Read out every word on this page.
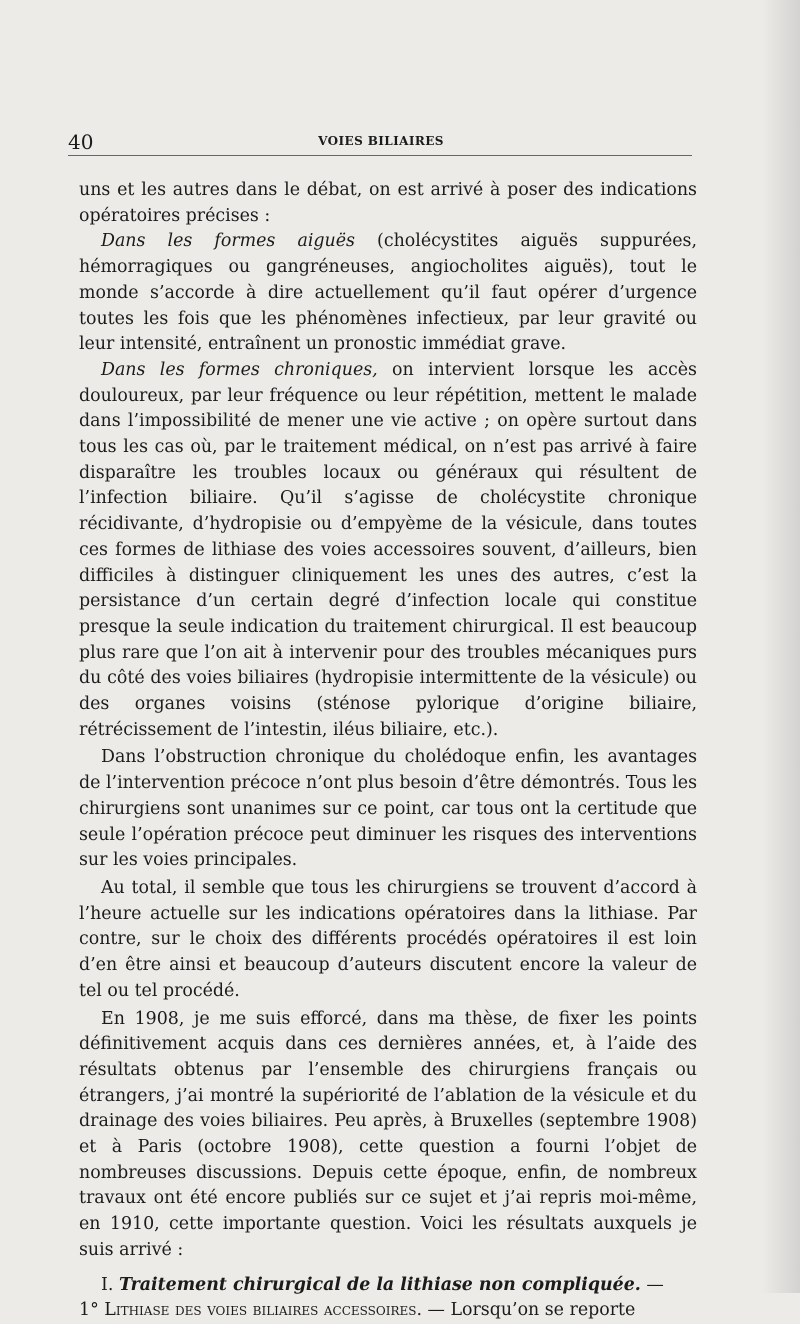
40	VOIES BILIAIRES

uns et les autres dans le débat, on est arrivé à poser des indications opératoires précises :

Dans les formes aiguës (cholécystites aiguës suppurées, hémorragiques ou gangréneuses, angiocholites aiguës), tout le monde s’accorde à dire actuellement qu’il faut opérer d’urgence toutes les fois que les phénomènes infectieux, par leur gravité ou leur intensité, entraînent un pronostic immédiat grave.

Dans les formes chroniques, on intervient lorsque les accès douloureux, par leur fréquence ou leur répétition, mettent le malade dans l’impossibilité de mener une vie active ; on opère surtout dans tous les cas où, par le traitement médical, on n’est pas arrivé à faire disparaître les troubles locaux ou généraux qui résultent de l’infection biliaire. Qu’il s’agisse de cholécystite chronique récidivante, d’hydropisie ou d’empyème de la vésicule, dans toutes ces formes de lithiase des voies accessoires souvent, d’ailleurs, bien difficiles à distinguer cliniquement les unes des autres, c’est la persistance d’un certain degré d’infection locale qui constitue presque la seule indication du traitement chirurgical. Il est beaucoup plus rare que l’on ait à intervenir pour des troubles mécaniques purs du côté des voies biliaires (hydropisie intermittente de la vésicule) ou des organes voisins (sténose pylorique d’origine biliaire, rétrécissement de l’intestin, iléus biliaire, etc.).

Dans l’obstruction chronique du cholédoque enfin, les avantages de l’intervention précoce n’ont plus besoin d’être démontrés. Tous les chirurgiens sont unanimes sur ce point, car tous ont la certitude que seule l’opération précoce peut diminuer les risques des interventions sur les voies principales.

Au total, il semble que tous les chirurgiens se trouvent d’accord à l’heure actuelle sur les indications opératoires dans la lithiase. Par contre, sur le choix des différents procédés opératoires il est loin d’en être ainsi et beaucoup d’auteurs discutent encore la valeur de tel ou tel procédé.

En 1908, je me suis efforcé, dans ma thèse, de fixer les points définitivement acquis dans ces dernières années, et, à l’aide des résultats obtenus par l’ensemble des chirurgiens français ou étrangers, j’ai montré la supériorité de l’ablation de la vésicule et du drainage des voies biliaires. Peu après, à Bruxelles (septembre 1908) et à Paris (octobre 1908), cette question a fourni l’objet de nombreuses discussions. Depuis cette époque, enfin, de nombreux travaux ont été encore publiés sur ce sujet et j’ai repris moi-même, en 1910, cette importante question. Voici les résultats auxquels je suis arrivé :

I. Traitement chirurgical de la lithiase non compliquée. —

1° Lithiase des voies biliaires accessoires. — Lorsqu’on se reporte
